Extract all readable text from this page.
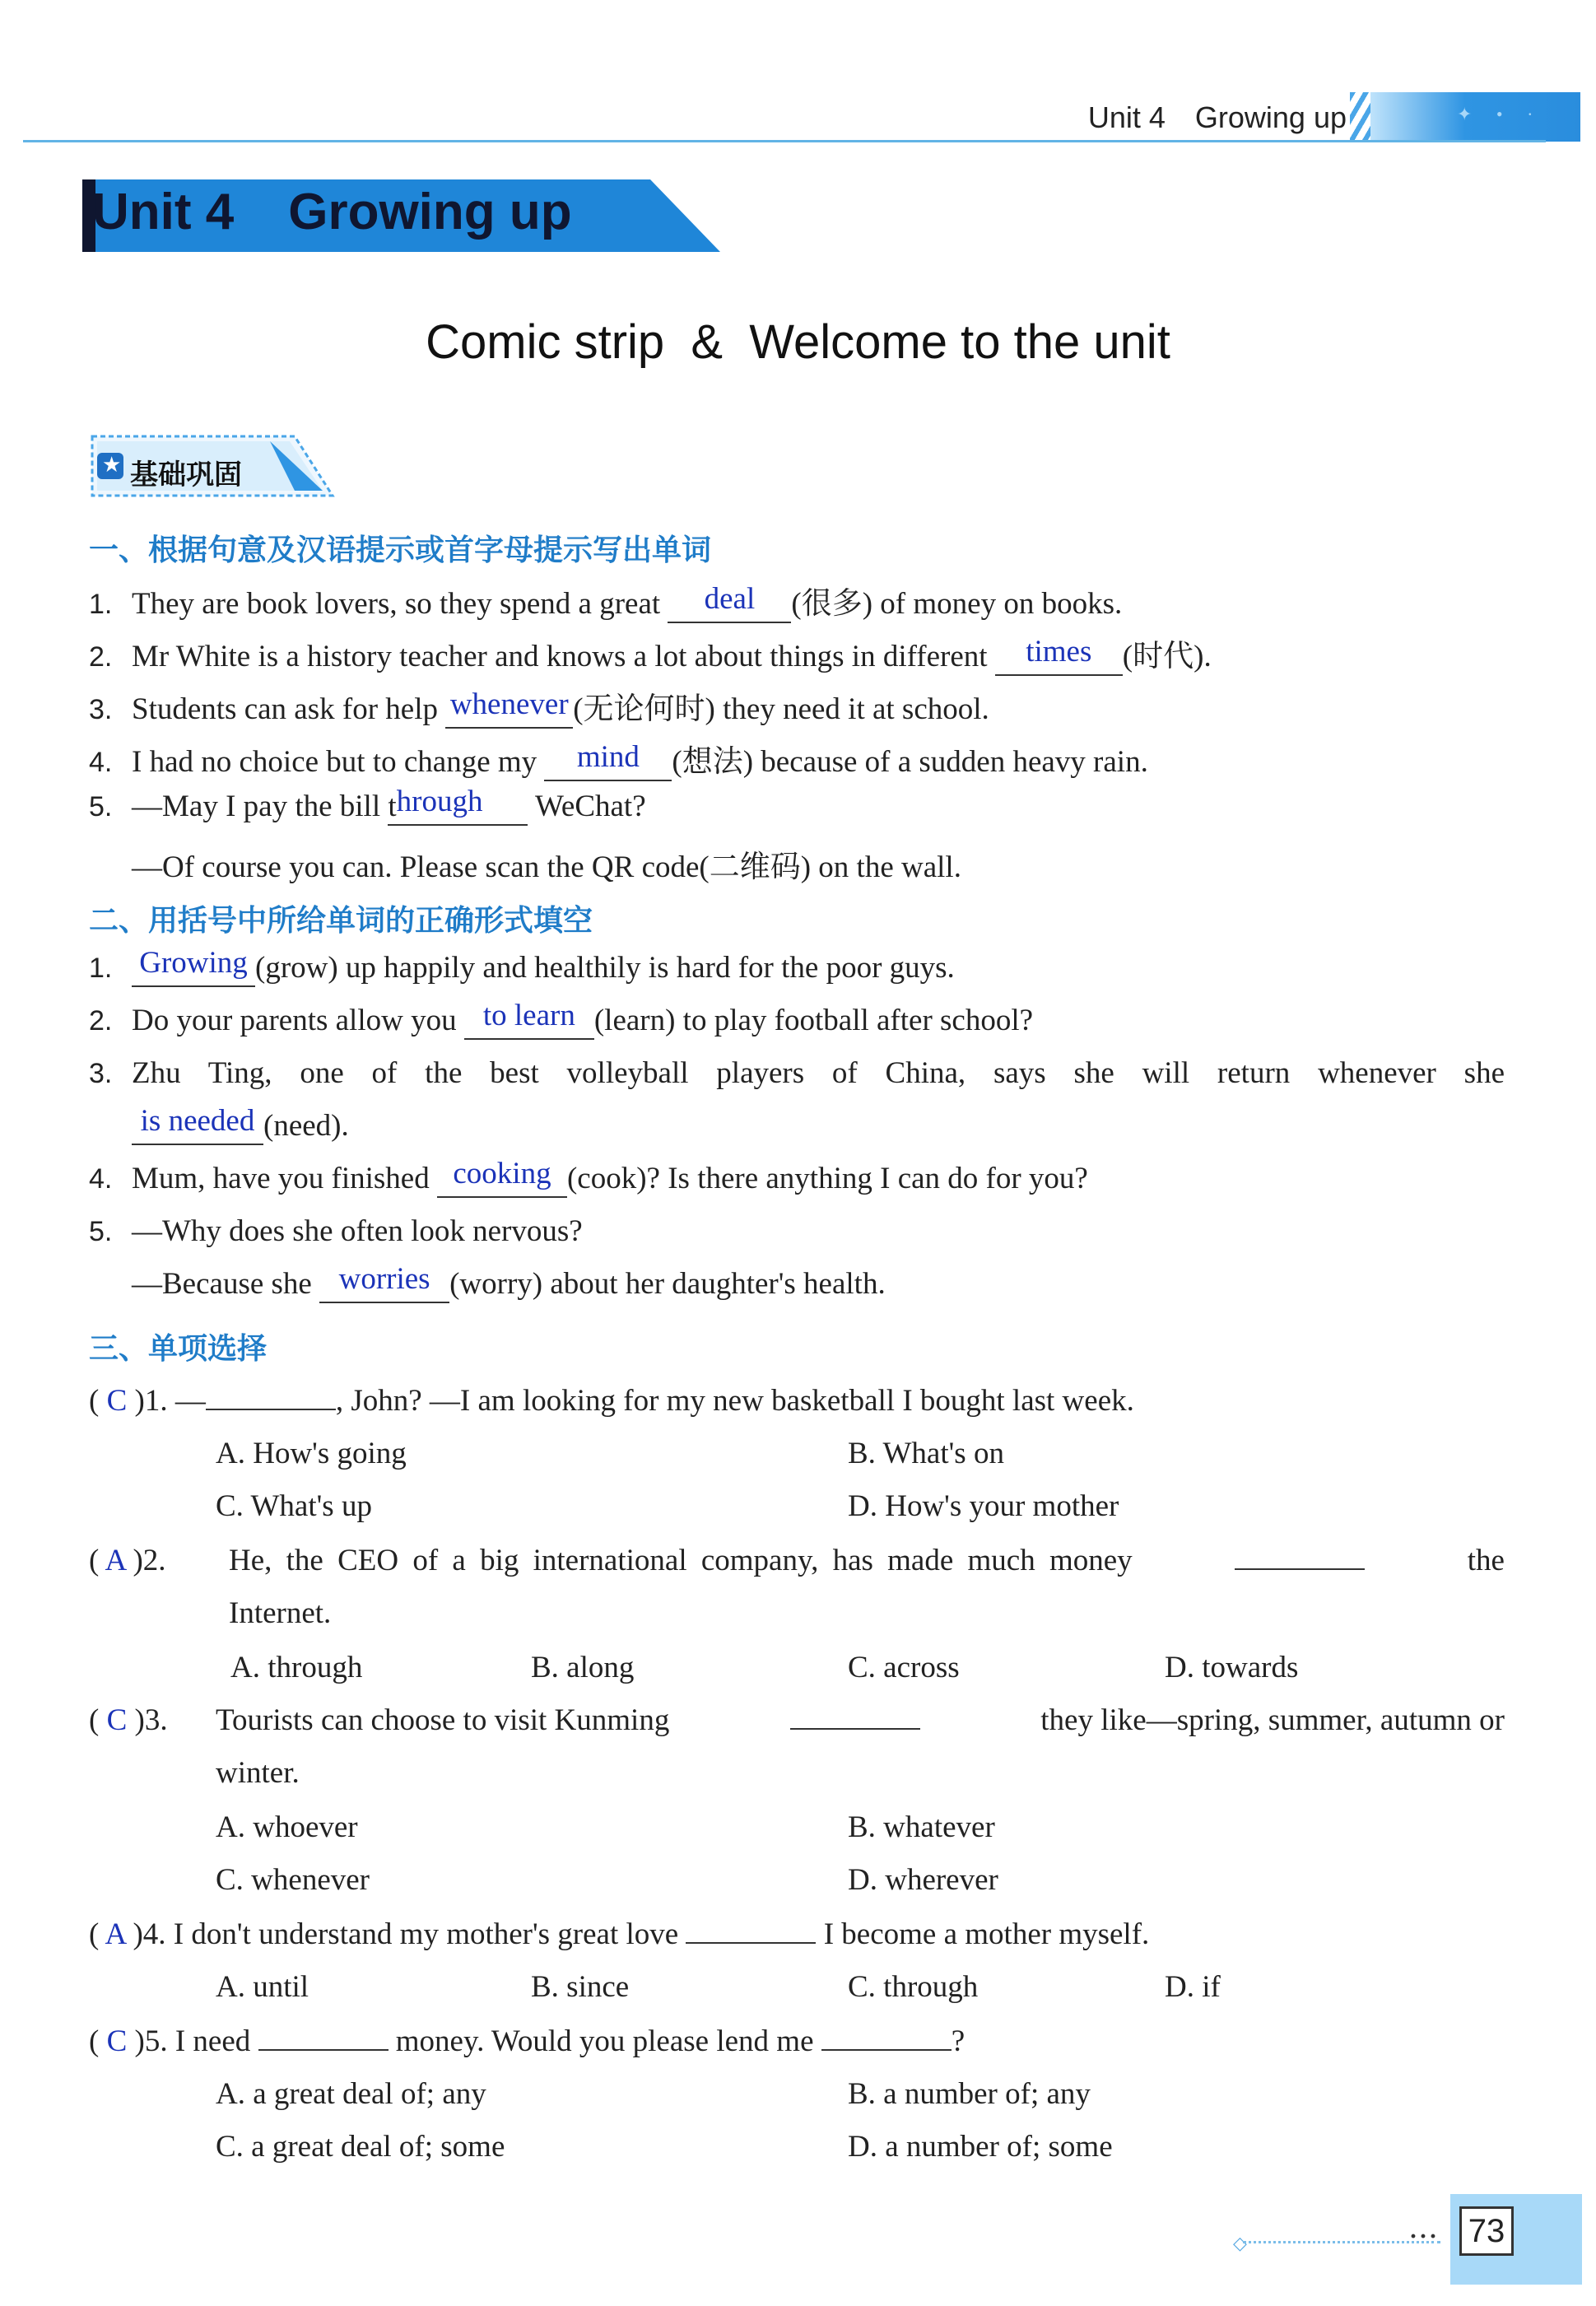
✦ • ·
Unit 4 Growing up
Unit 4 Growing up
Comic strip  &  Welcome to the unit
★ 基础巩固
一、根据句意及汉语提示或首字母提示写出单词
1. They are book lovers, so they spend a great deal (很多) of money on books.
2. Mr White is a history teacher and knows a lot about things in different times (时代).
3. Students can ask for help whenever (无论何时) they need it at school.
4. I had no choice but to change my mind (想法) because of a sudden heavy rain.
5. —May I pay the bill through WeChat?
—Of course you can. Please scan the QR code(二维码) on the wall.
二、用括号中所给单词的正确形式填空
1. Growing (grow) up happily and healthily is hard for the poor guys.
2. Do your parents allow you to learn (learn) to play football after school?
3. Zhu Ting, one of the best volleyball players of China, says she will return whenever she
is needed (need).
4. Mum, have you finished cooking (cook)? Is there anything I can do for you?
5. —Why does she often look nervous?
—Because she worries (worry) about her daughter's health.
三、单项选择
( C )1. —	, John? —I am looking for my new basketball I bought last week.
A. How's going	B. What's on
C. What's up	D. How's your mother
( A )2. He, the CEO of a big international company, has made much money	the
Internet.
A. through	B. along	C. across	D. towards
( C )3. Tourists can choose to visit Kunming	they like—spring, summer, autumn or
winter.
A. whoever	B. whatever
C. whenever	D. wherever
( A )4. I don't understand my mother's great love	I become a mother myself.
A. until	B. since	C. through	D. if
( C )5. I need	money. Would you please lend me	?
A. a great deal of; any	B. a number of; any
C. a great deal of; some	D. a number of; some
◇	··· 73
